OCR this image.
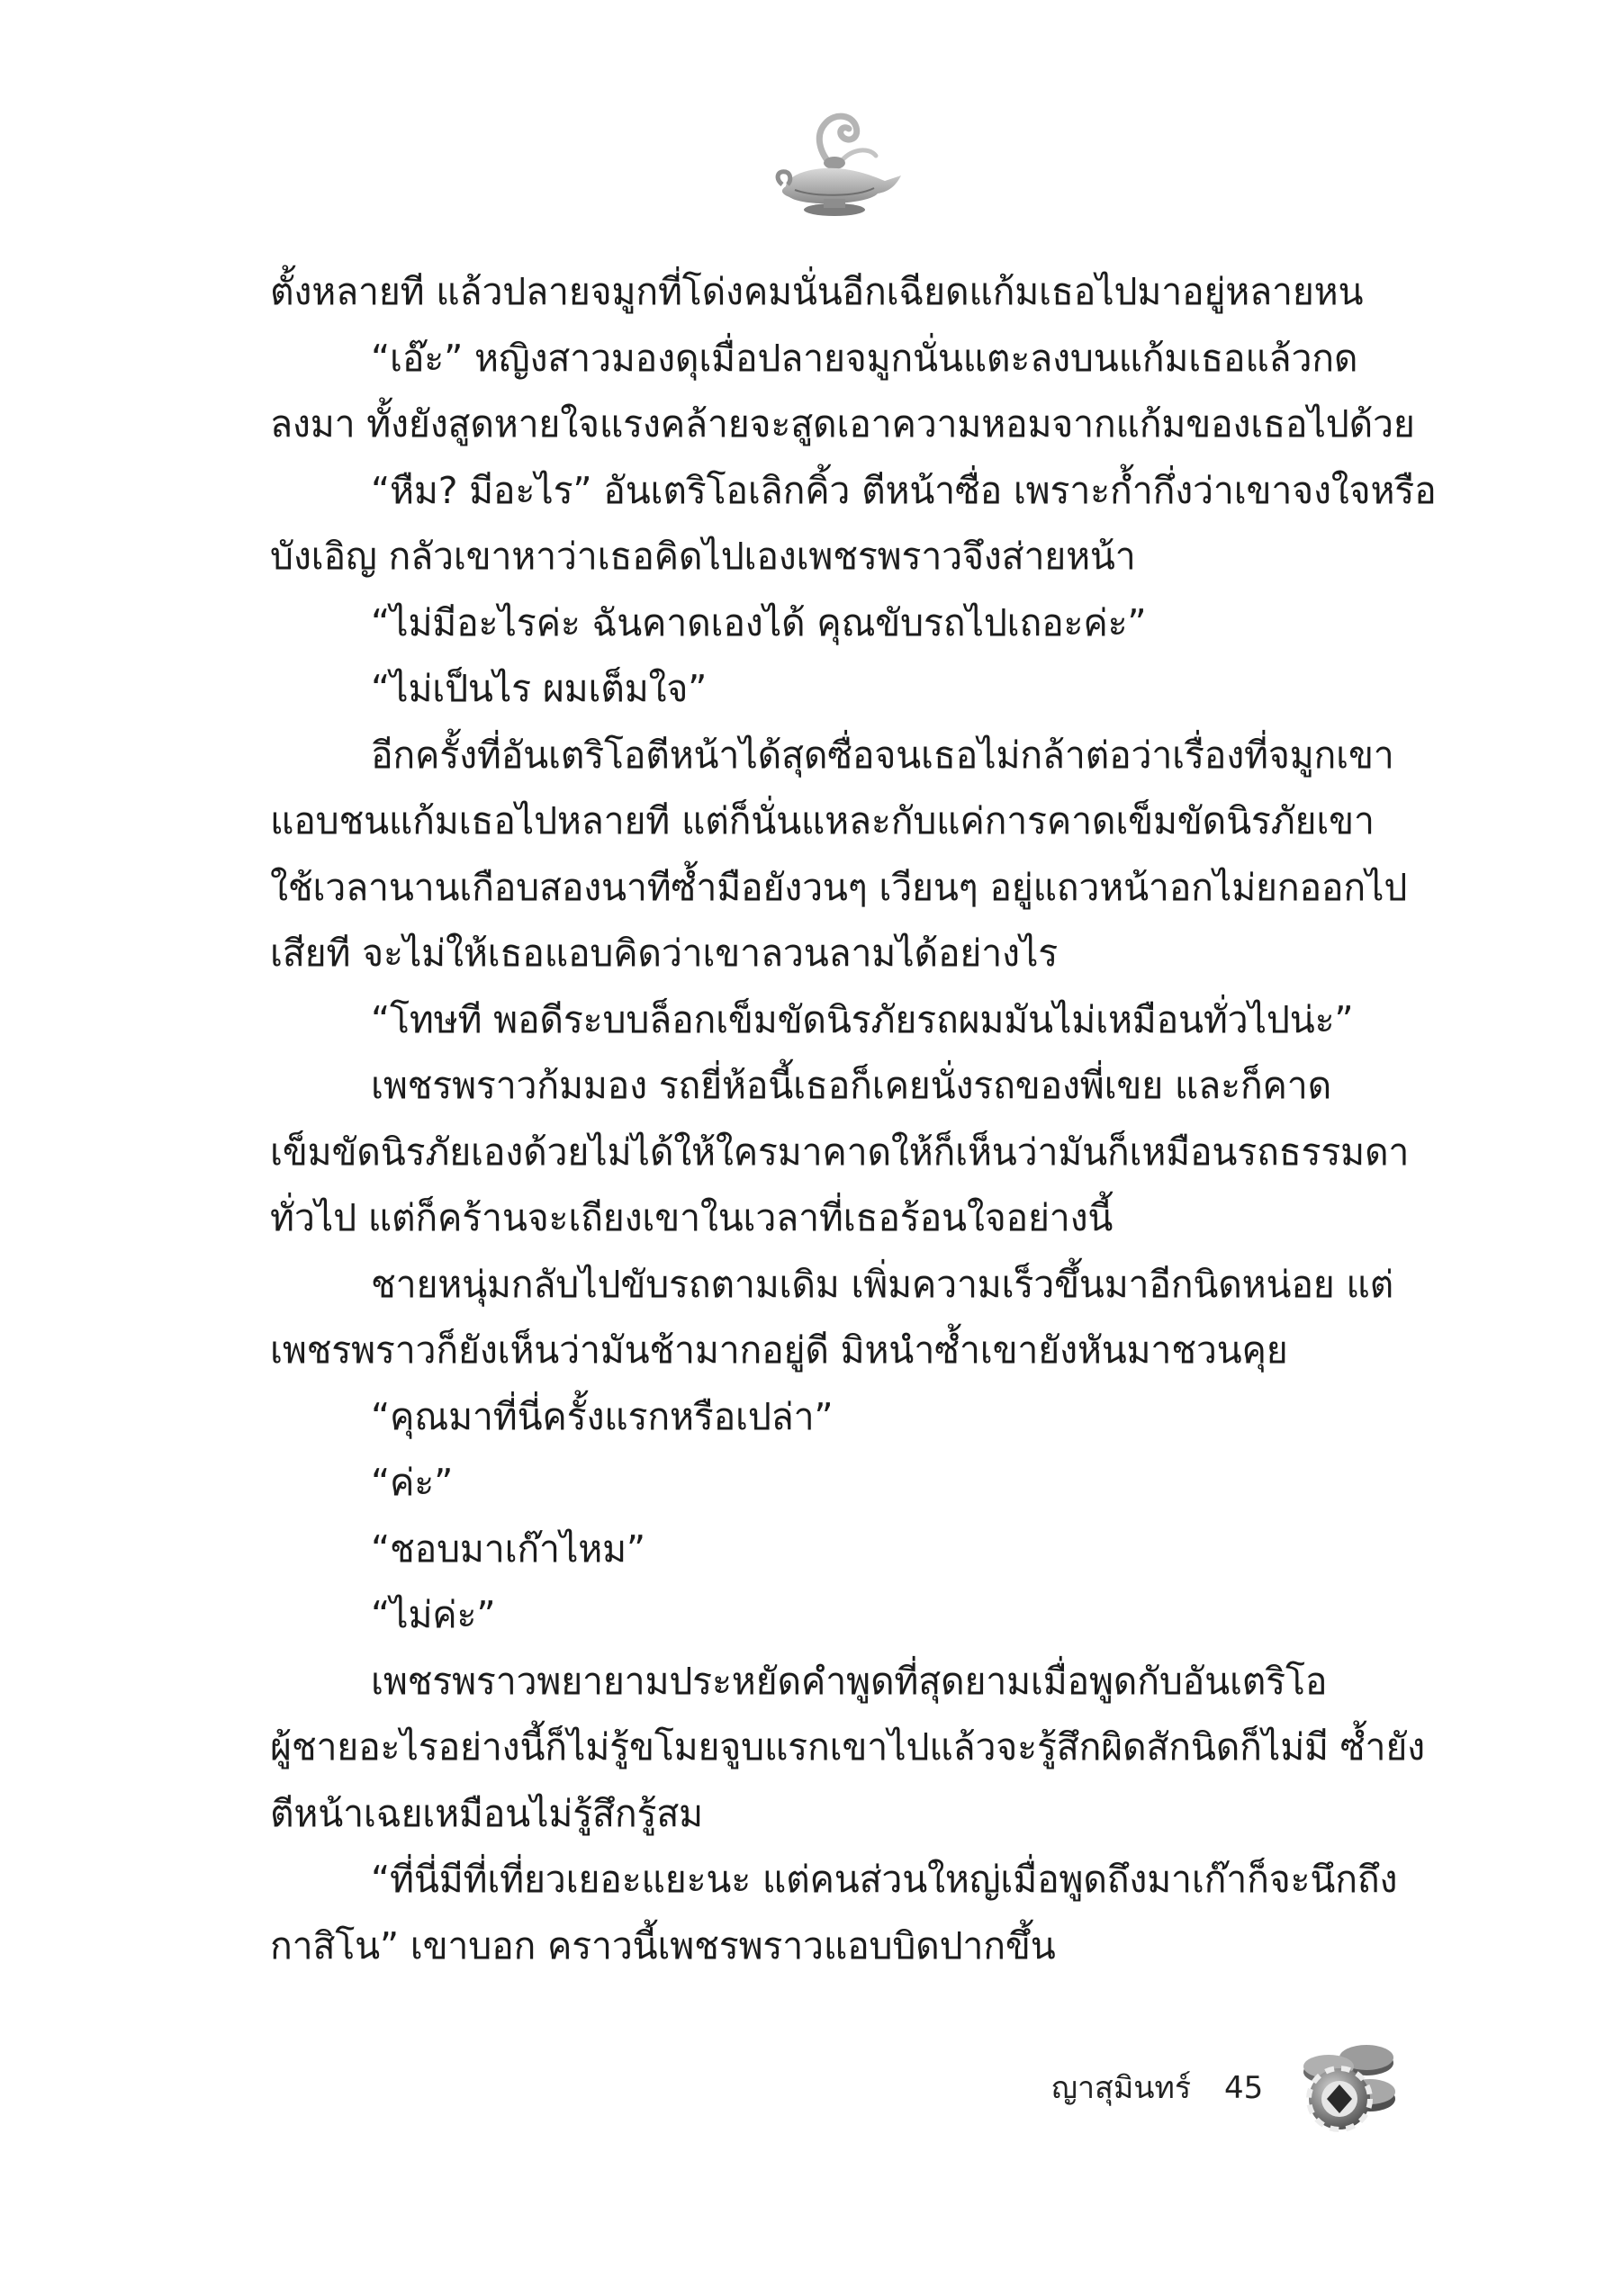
ตั้งหลายที แล้วปลายจมูกที่โด่งคมนั่นอีกเฉียดแก้มเธอไปมาอยู่หลายหน
“เอ๊ะ” หญิงสาวมองดุเมื่อปลายจมูกนั่นแตะลงบนแก้มเธอแล้วกด
ลงมา ทั้งยังสูดหายใจแรงคล้ายจะสูดเอาความหอมจากแก้มของเธอไปด้วย
“หืม? มีอะไร” อันเตริโอเลิกคิ้ว ตีหน้าซื่อ เพราะก้ำกึ่งว่าเขาจงใจหรือ
บังเอิญ กลัวเขาหาว่าเธอคิดไปเองเพชรพราวจึงส่ายหน้า
“ไม่มีอะไรค่ะ ฉันคาดเองได้ คุณขับรถไปเถอะค่ะ”
“ไม่เป็นไร ผมเต็มใจ”
อีกครั้งที่อันเตริโอตีหน้าได้สุดซื่อจนเธอไม่กล้าต่อว่าเรื่องที่จมูกเขา
แอบชนแก้มเธอไปหลายที แต่ก็นั่นแหละกับแค่การคาดเข็มขัดนิรภัยเขา
ใช้เวลานานเกือบสองนาทีซ้ำมือยังวนๆ เวียนๆ อยู่แถวหน้าอกไม่ยกออกไป
เสียที จะไม่ให้เธอแอบคิดว่าเขาลวนลามได้อย่างไร
“โทษที พอดีระบบล็อกเข็มขัดนิรภัยรถผมมันไม่เหมือนทั่วไปน่ะ”
เพชรพราวก้มมอง รถยี่ห้อนี้เธอก็เคยนั่งรถของพี่เขย และก็คาด
เข็มขัดนิรภัยเองด้วยไม่ได้ให้ใครมาคาดให้ก็เห็นว่ามันก็เหมือนรถธรรมดา
ทั่วไป แต่ก็คร้านจะเถียงเขาในเวลาที่เธอร้อนใจอย่างนี้
ชายหนุ่มกลับไปขับรถตามเดิม เพิ่มความเร็วขึ้นมาอีกนิดหน่อย แต่
เพชรพราวก็ยังเห็นว่ามันช้ามากอยู่ดี มิหนำซ้ำเขายังหันมาชวนคุย
“คุณมาที่นี่ครั้งแรกหรือเปล่า”
“ค่ะ”
“ชอบมาเก๊าไหม”
“ไม่ค่ะ”
เพชรพราวพยายามประหยัดคำพูดที่สุดยามเมื่อพูดกับอันเตริโอ
ผู้ชายอะไรอย่างนี้ก็ไม่รู้ขโมยจูบแรกเขาไปแล้วจะรู้สึกผิดสักนิดก็ไม่มี ซ้ำยัง
ตีหน้าเฉยเหมือนไม่รู้สึกรู้สม
“ที่นี่มีที่เที่ยวเยอะแยะนะ แต่คนส่วนใหญ่เมื่อพูดถึงมาเก๊าก็จะนึกถึง
กาสิโน” เขาบอก คราวนี้เพชรพราวแอบบิดปากขึ้น
ญาสุมินทร์ 45
